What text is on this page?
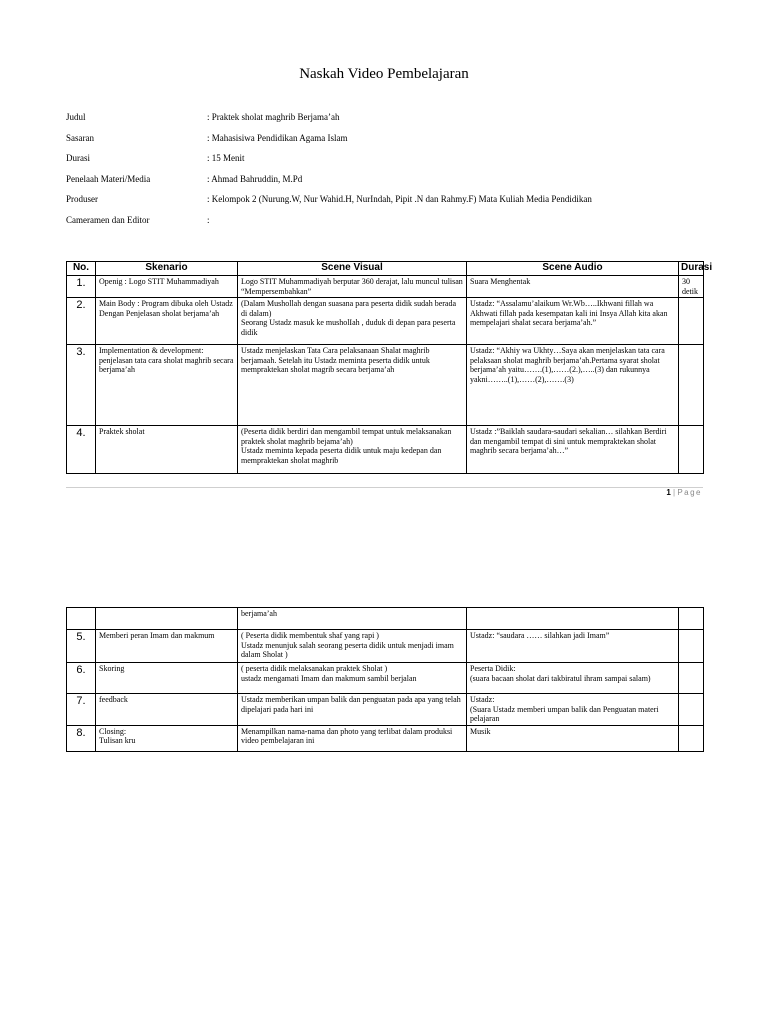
Naskah Video Pembelajaran
Judul	: Praktek sholat maghrib Berjama’ah
Sasaran	: Mahasisiwa Pendidikan Agama Islam
Durasi	: 15 Menit
Penelaah Materi/Media	: Ahmad Bahruddin, M.Pd
Produser	: Kelompok 2 (Nurung.W, Nur Wahid.H, NurIndah, Pipit .N dan Rahmy.F) Mata Kuliah Media Pendidikan
Cameramen dan Editor	:
No.	Skenario	Scene Visual	Scene Audio	Durasi
1.	Openig : Logo STIT Muhammadiyah	Logo STIT Muhammadiyah berputar 360 derajat, lalu muncul tulisan “Mempersembahkan”	Suara Menghentak	30 detik
2.	Main Body : Program dibuka oleh Ustadz Dengan Penjelasan sholat berjama’ah	(Dalam Mushollah dengan suasana para peserta didik sudah berada di dalam)
Seorang Ustadz masuk ke musholIah , duduk di depan para peserta didik	Ustadz: “Assalamu’alaikum Wr.Wb…..Ikhwani fillah wa Akhwati fillah pada kesempatan kali ini Insya Allah kita akan mempelajari shalat secara berjama’ah.”	
3.	Implementation & development: penjelasan tata cara sholat maghrib secara berjama’ah	Ustadz menjelaskan Tata Cara pelaksanaan Shalat maghrib berjamaah. Setelah itu Ustadz meminta peserta didik untuk mempraktekan sholat magrib secara berjama’ah	Ustadz: “Akhiy wa Ukhty…Saya akan menjelaskan tata cara pelaksaan sholat maghrib berjama’ah.Pertama syarat sholat berjama’ah yaitu…….(1),……(2.),…..(3) dan rukunnya yakni……..(1),……(2),…….(3)	
4.	Praktek sholat	(Peserta didik berdiri dan mengambil tempat untuk melaksanakan praktek sholat maghrib bejama’ah)
Ustadz meminta kepada peserta didik untuk maju kedepan dan mempraktekan sholat maghrib	Ustadz :”Baiklah saudara-saudari sekalian… silahkan Berdiri dan mengambil tempat di sini untuk mempraktekan sholat maghrib secara berjama’ah…”	
1 | Page
		berjama’ah		
5.	Memberi peran Imam dan makmum	( Peserta didik membentuk shaf yang rapi )
Ustadz menunjuk salah seorang peserta didik untuk menjadi imam dalam Sholat )	Ustadz: “saudara …… silahkan jadi Imam”	
6.	Skoring	( peserta didik melaksanakan praktek Sholat )
ustadz mengamati Imam dan makmum sambil berjalan	Peserta Didik:
(suara bacaan sholat dari takbiratul ihram sampai salam)	
7.	feedback	Ustadz memberikan umpan balik dan penguatan pada apa yang telah dipelajari pada hari ini	Ustadz:
(Suara Ustadz memberi umpan balik dan Penguatan materi pelajaran	
8.	Closing:
Tulisan kru	Menampilkan nama-nama dan photo yang terlibat dalam produksi video pembelajaran ini	Musik	
